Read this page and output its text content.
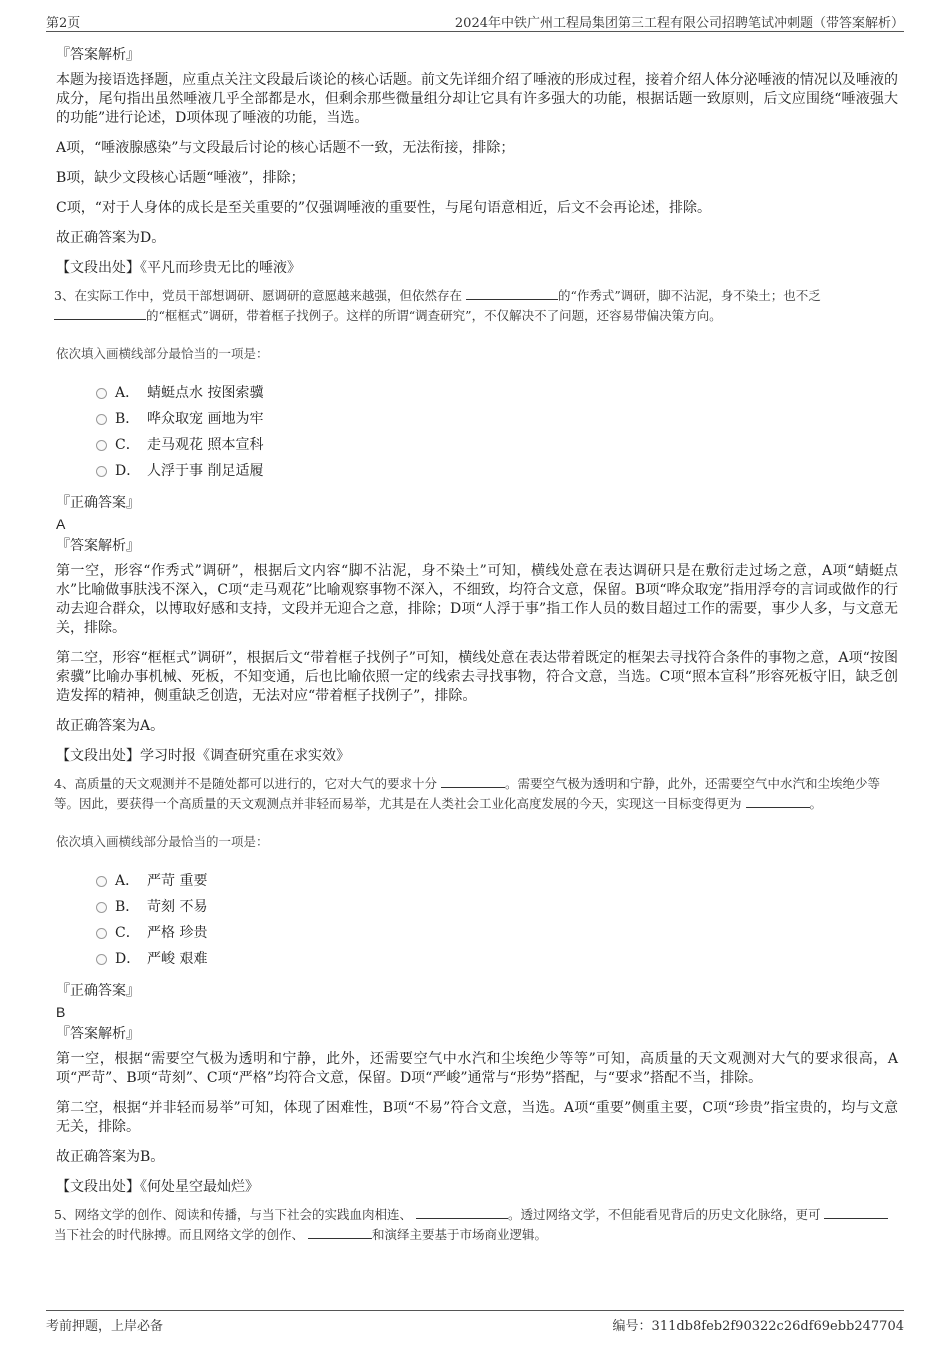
第2页	2024年中铁广州工程局集团第三工程有限公司招聘笔试冲刺题（带答案解析）
『答案解析』
本题为接语选择题，应重点关注文段最后谈论的核心话题。前文先详细介绍了唾液的形成过程，接着介绍人体分泌唾液的情况以及唾液的成分，尾句指出虽然唾液几乎全部都是水，但剩余那些微量组分却让它具有许多强大的功能，根据话题一致原则，后文应围绕“唾液强大的功能”进行论述，D项体现了唾液的功能，当选。
A项，“唾液腺感染”与文段最后讨论的核心话题不一致，无法衔接，排除；
B项，缺少文段核心话题“唾液”，排除；
C项，“对于人身体的成长是至关重要的”仅强调唾液的重要性，与尾句语意相近，后文不会再论述，排除。
故正确答案为D。
【文段出处】《平凡而珍贵无比的唾液》
3、在实际工作中，党员干部想调研、愿调研的意愿越来越强，但依然存在	的“作秀式”调研，脚不沾泥，身不染土；也不乏 的“框框式”调研，带着框子找例子。这样的所谓“调查研究”，不仅解决不了问题，还容易带偏决策方向。
依次填入画横线部分最恰当的一项是：
A． 蜻蜓点水 按图索骥
B． 哗众取宠 画地为牢
C． 走马观花 照本宣科
D． 人浮于事 削足适履
『正确答案』
A
『答案解析』
第一空，形容“作秀式”调研”，根据后文内容“脚不沾泥，身不染土”可知，横线处意在表达调研只是在敷衍走过场之意，A项“蜻蜓点水”比喻做事肤浅不深入，C项“走马观花”比喻观察事物不深入，不细致，均符合文意，保留。B项“哗众取宠”指用浮夸的言词或做作的行动去迎合群众，以博取好感和支持，文段并无迎合之意，排除；D项“人浮于事”指工作人员的数目超过工作的需要，事少人多，与文意无关，排除。
第二空，形容“框框式”调研”，根据后文“带着框子找例子”可知，横线处意在表达带着既定的框架去寻找符合条件的事物之意，A项“按图索骥”比喻办事机械、死板，不知变通，后也比喻依照一定的线索去寻找事物，符合文意，当选。C项“照本宣科”形容死板守旧，缺乏创造发挥的精神，侧重缺乏创造，无法对应“带着框子找例子”，排除。
故正确答案为A。
【文段出处】学习时报《调查研究重在求实效》
4、高质量的天文观测并不是随处都可以进行的，它对大气的要求十分	。需要空气极为透明和宁静，此外，还需要空气中水汽和尘埃绝少等等。因此，要获得一个高质量的天文观测点并非轻而易举，尤其是在人类社会工业化高度发展的今天，实现这一目标变得更为	。
依次填入画横线部分最恰当的一项是：
A． 严苛 重要
B． 苛刻 不易
C． 严格 珍贵
D． 严峻 艰难
『正确答案』
B
『答案解析』
第一空，根据“需要空气极为透明和宁静，此外，还需要空气中水汽和尘埃绝少等等”可知，高质量的天文观测对大气的要求很高，A项“严苛”、B项“苛刻”、C项“严格”均符合文意，保留。D项“严峻”通常与“形势”搭配，与“要求”搭配不当，排除。
第二空，根据“并非轻而易举”可知，体现了困难性，B项“不易”符合文意，当选。A项“重要”侧重主要，C项“珍贵”指宝贵的，均与文意无关，排除。
故正确答案为B。
【文段出处】《何处星空最灿烂》
5、网络文学的创作、阅读和传播，与当下社会的实践血肉相连、	。透过网络文学，不但能看见背后的历史文化脉络，更可 当下社会的时代脉搏。而且网络文学的创作、	和演绎主要基于市场商业逻辑。
考前押题，上岸必备	编号：311db8feb2f90322c26df69ebb247704
